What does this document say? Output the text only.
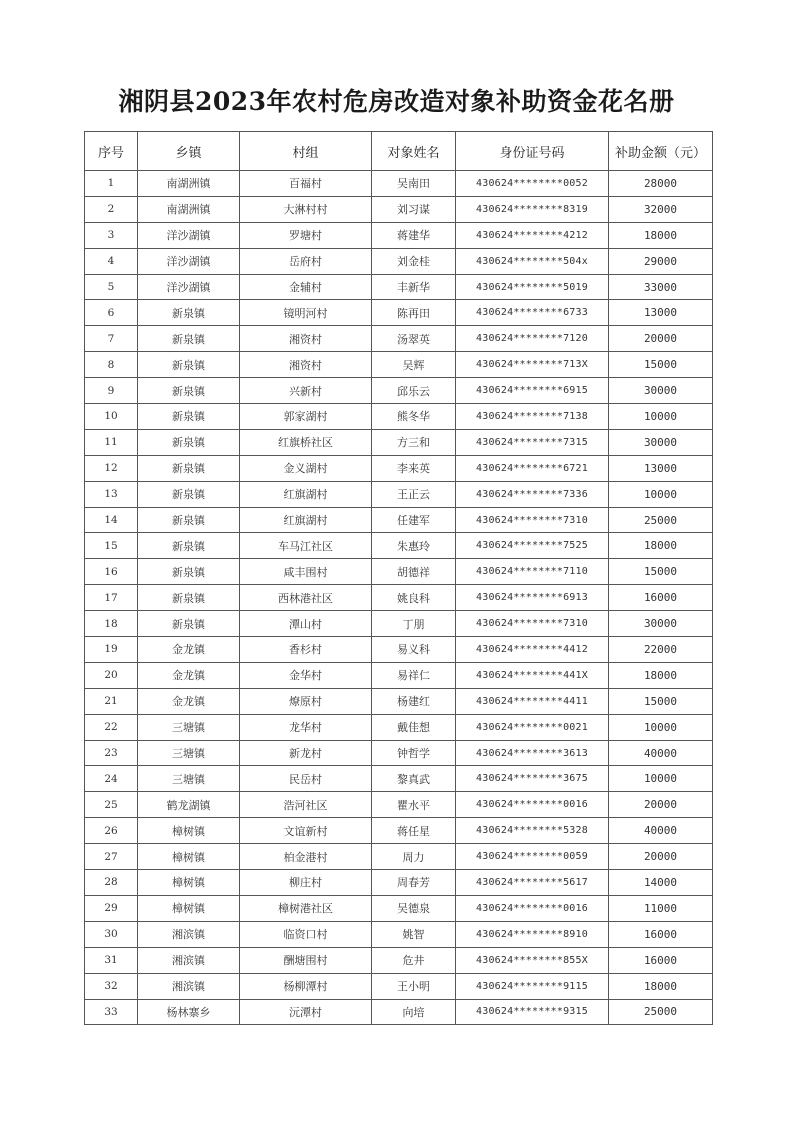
湘阴县2023年农村危房改造对象补助资金花名册
序号	乡镇	村组	对象姓名	身份证号码	补助金额（元）
1	南湖洲镇	百福村	吴南田	430624********0052	28000
2	南湖洲镇	大淋村村	刘习谋	430624********8319	32000
3	洋沙湖镇	罗塘村	蒋建华	430624********4212	18000
4	洋沙湖镇	岳府村	刘金桂	430624********504x	29000
5	洋沙湖镇	金辅村	丰新华	430624********5019	33000
6	新泉镇	镜明河村	陈再田	430624********6733	13000
7	新泉镇	湘资村	汤翠英	430624********7120	20000
8	新泉镇	湘资村	吴辉	430624********713X	15000
9	新泉镇	兴新村	邱乐云	430624********6915	30000
10	新泉镇	郭家湖村	熊冬华	430624********7138	10000
11	新泉镇	红旗桥社区	方三和	430624********7315	30000
12	新泉镇	金义湖村	李来英	430624********6721	13000
13	新泉镇	红旗湖村	王正云	430624********7336	10000
14	新泉镇	红旗湖村	任建军	430624********7310	25000
15	新泉镇	车马江社区	朱惠玲	430624********7525	18000
16	新泉镇	咸丰围村	胡德祥	430624********7110	15000
17	新泉镇	西林港社区	姚良科	430624********6913	16000
18	新泉镇	潭山村	丁朋	430624********7310	30000
19	金龙镇	香杉村	易义科	430624********4412	22000
20	金龙镇	金华村	易祥仁	430624********441X	18000
21	金龙镇	燎原村	杨建红	430624********4411	15000
22	三塘镇	龙华村	戴佳想	430624********0021	10000
23	三塘镇	新龙村	钟哲学	430624********3613	40000
24	三塘镇	民岳村	黎真武	430624********3675	10000
25	鹤龙湖镇	浩河社区	瞿水平	430624********0016	20000
26	樟树镇	文谊新村	蒋任星	430624********5328	40000
27	樟树镇	柏金港村	周力	430624********0059	20000
28	樟树镇	柳庄村	周春芳	430624********5617	14000
29	樟树镇	樟树港社区	吴德泉	430624********0016	11000
30	湘滨镇	临资口村	姚智	430624********8910	16000
31	湘滨镇	酬塘围村	危井	430624********855X	16000
32	湘滨镇	杨柳潭村	王小明	430624********9115	18000
33	杨林寨乡	沅潭村	向培	430624********9315	25000
